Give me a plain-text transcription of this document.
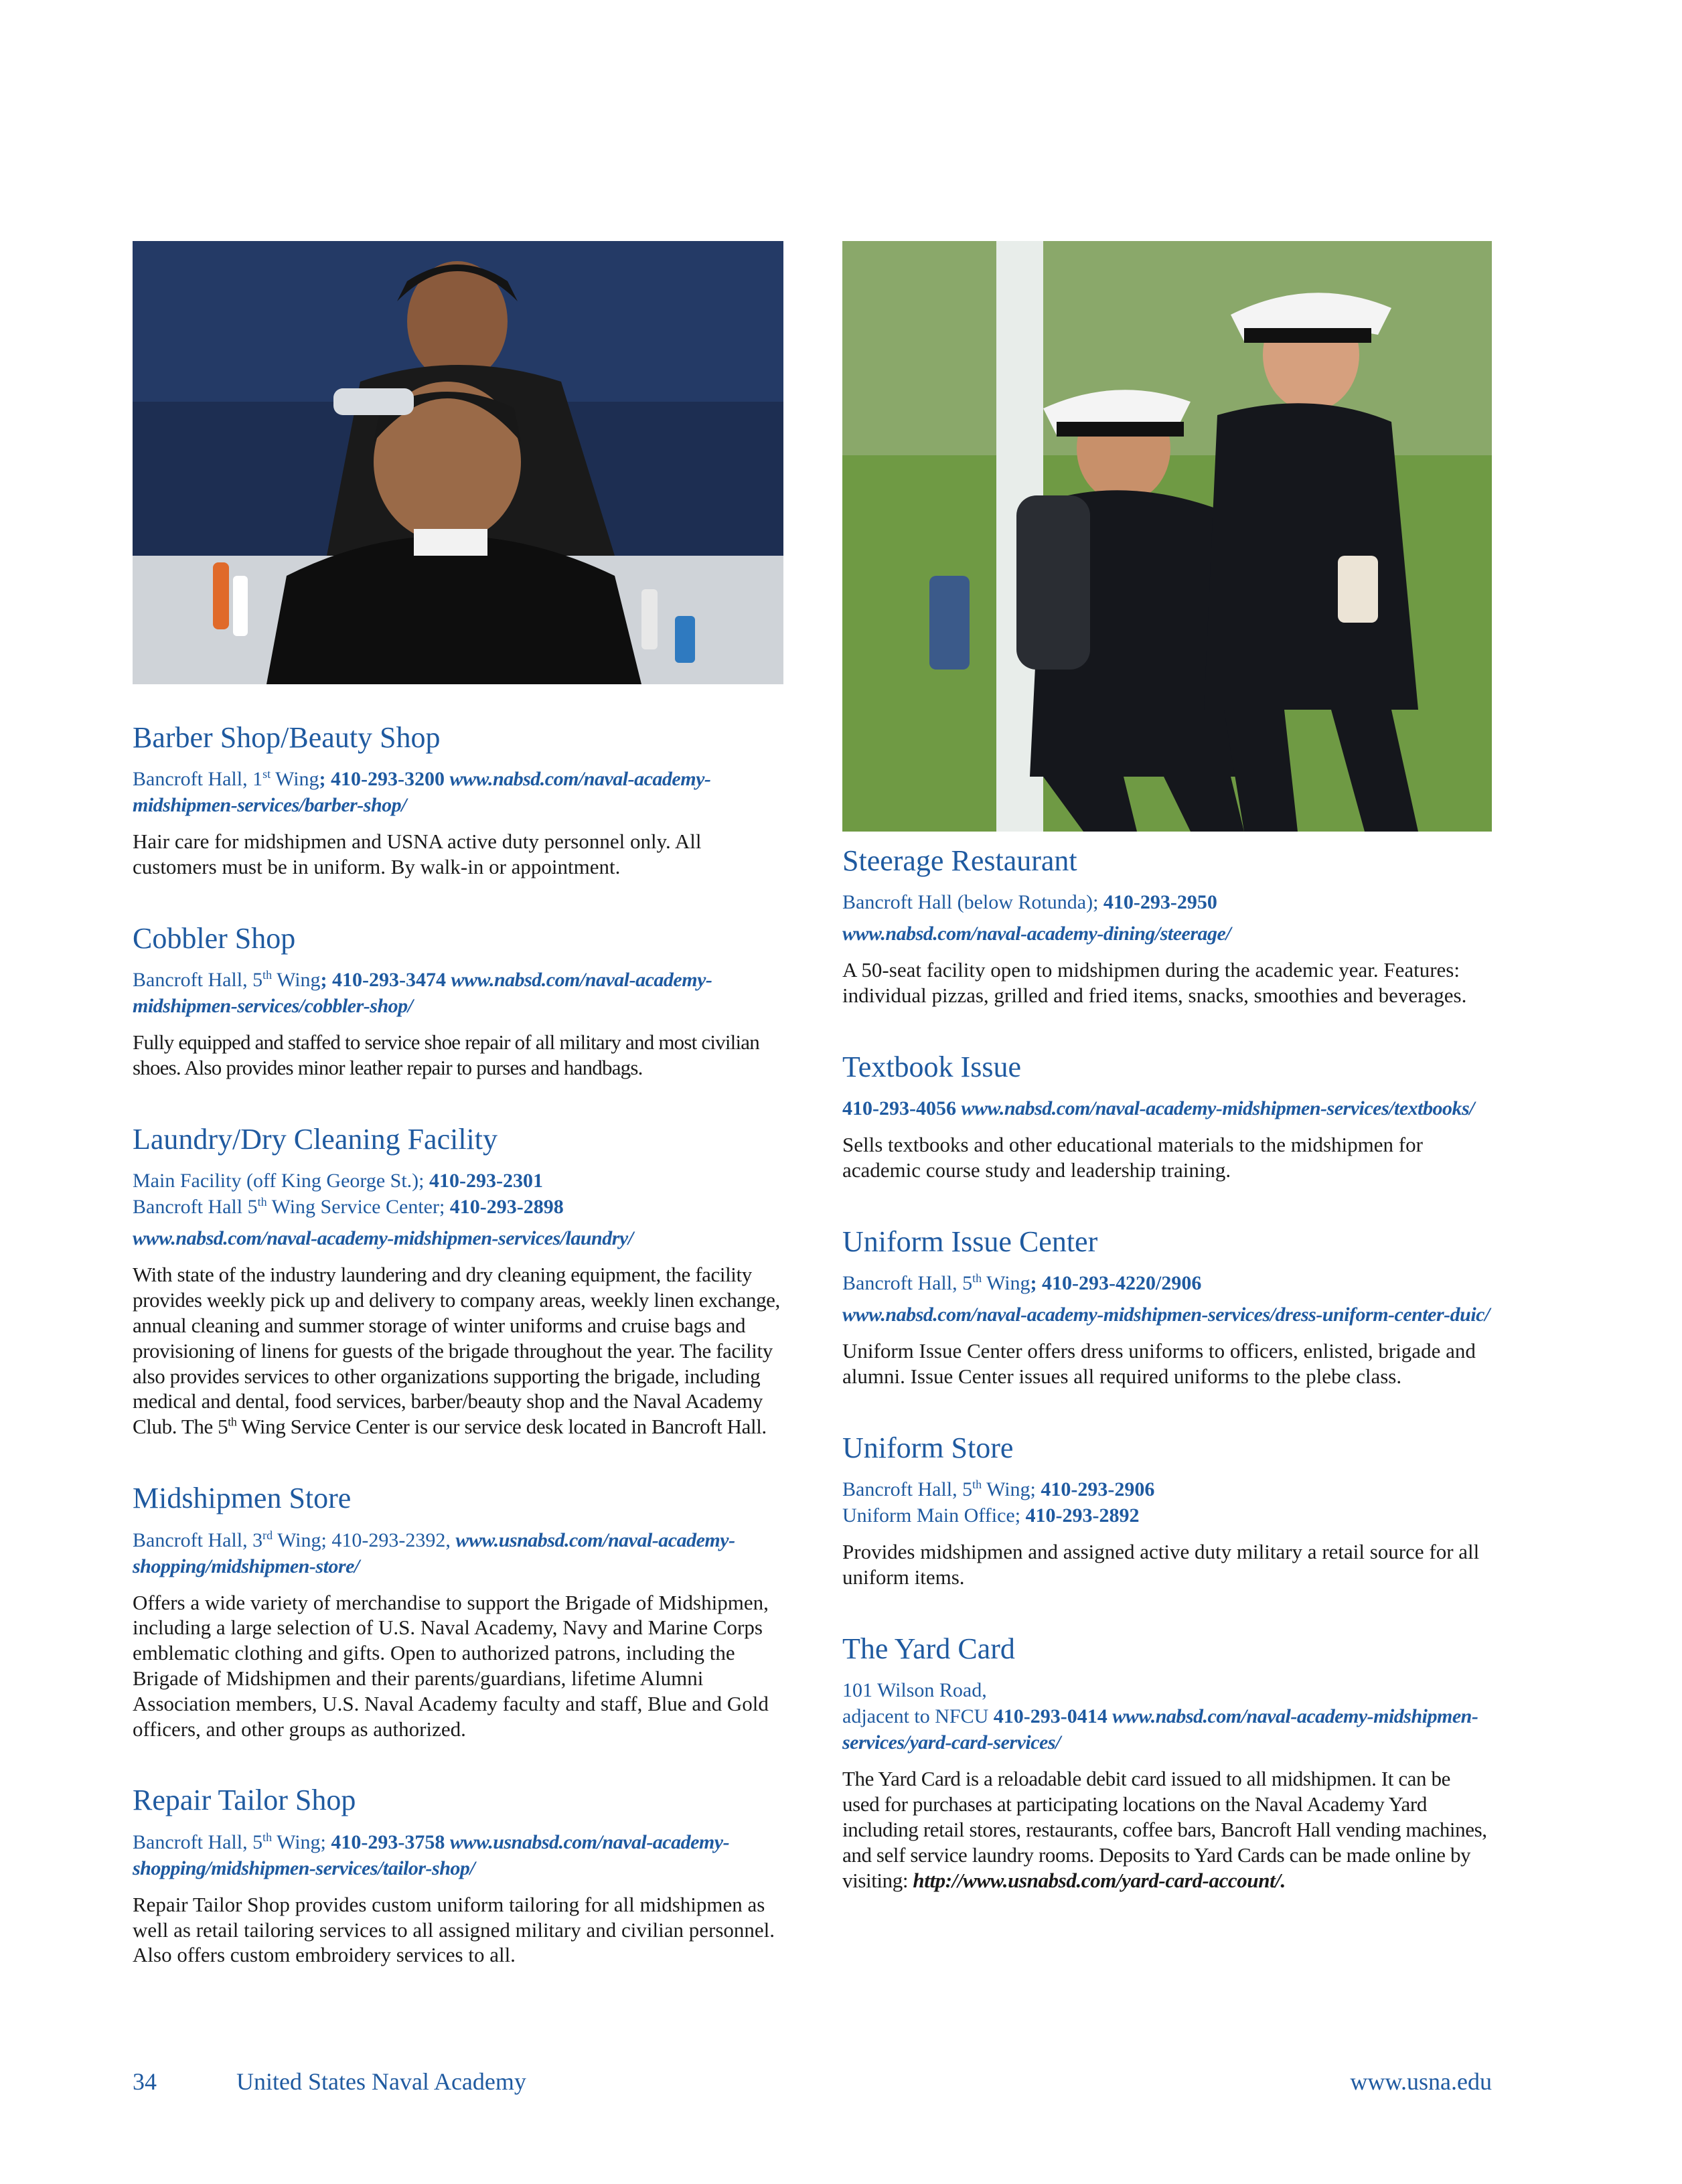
Barber Shop/Beauty Shop
Bancroft Hall, 1st Wing; 410-293-3200 www.nabsd.com/naval-academy-midshipmen-services/barber-shop/

Hair care for midshipmen and USNA active duty personnel only. All customers must be in uniform. By walk-in or appointment.

Cobbler Shop
Bancroft Hall, 5th Wing; 410-293-3474 www.nabsd.com/naval-academy-midshipmen-services/cobbler-shop/

Fully equipped and staffed to service shoe repair of all military and most civilian shoes. Also provides minor leather repair to purses and handbags.

Laundry/Dry Cleaning Facility
Main Facility (off King George St.); 410-293-2301
Bancroft Hall 5th Wing Service Center; 410-293-2898
www.nabsd.com/naval-academy-midshipmen-services/laundry/

With state of the industry laundering and dry cleaning equipment, the facility provides weekly pick up and delivery to company areas, weekly linen exchange, annual cleaning and summer storage of winter uniforms and cruise bags and provisioning of linens for guests of the brigade throughout the year. The facility also provides services to other organizations supporting the brigade, including medical and dental, food services, barber/beauty shop and the Naval Academy Club. The 5th Wing Service Center is our service desk located in Bancroft Hall.

Midshipmen Store
Bancroft Hall, 3rd Wing; 410-293-2392, www.usnabsd.com/naval-academy-shopping/midshipmen-store/

Offers a wide variety of merchandise to support the Brigade of Midshipmen, including a large selection of U.S. Naval Academy, Navy and Marine Corps emblematic clothing and gifts. Open to authorized patrons, including the Brigade of Midshipmen and their parents/guardians, lifetime Alumni Association members, U.S. Naval Academy faculty and staff, Blue and Gold officers, and other groups as authorized.

Repair Tailor Shop
Bancroft Hall, 5th Wing; 410-293-3758 www.usnabsd.com/naval-academy-shopping/midshipmen-services/tailor-shop/

Repair Tailor Shop provides custom uniform tailoring for all midshipmen as well as retail tailoring services to all assigned military and civilian personnel. Also offers custom embroidery services to all.

Steerage Restaurant
Bancroft Hall (below Rotunda); 410-293-2950
www.nabsd.com/naval-academy-dining/steerage/

A 50-seat facility open to midshipmen during the academic year. Features: individual pizzas, grilled and fried items, snacks, smoothies and beverages.

Textbook Issue
410-293-4056 www.nabsd.com/naval-academy-midshipmen-services/textbooks/

Sells textbooks and other educational materials to the midshipmen for academic course study and leadership training.

Uniform Issue Center
Bancroft Hall, 5th Wing; 410-293-4220/2906
www.nabsd.com/naval-academy-midshipmen-services/dress-uniform-center-duic/

Uniform Issue Center offers dress uniforms to officers, enlisted, brigade and alumni. Issue Center issues all required uniforms to the plebe class.

Uniform Store
Bancroft Hall, 5th Wing; 410-293-2906
Uniform Main Office; 410-293-2892

Provides midshipmen and assigned active duty military a retail source for all uniform items.

The Yard Card
101 Wilson Road,
adjacent to NFCU 410-293-0414 www.nabsd.com/naval-academy-midshipmen-services/yard-card-services/

The Yard Card is a reloadable debit card issued to all midshipmen. It can be used for purchases at participating locations on the Naval Academy Yard including retail stores, restaurants, coffee bars, Bancroft Hall vending machines, and self service laundry rooms. Deposits to Yard Cards can be made online by visiting: http://www.usnabsd.com/yard-card-account/.

34	United States Naval Academy	www.usna.edu
